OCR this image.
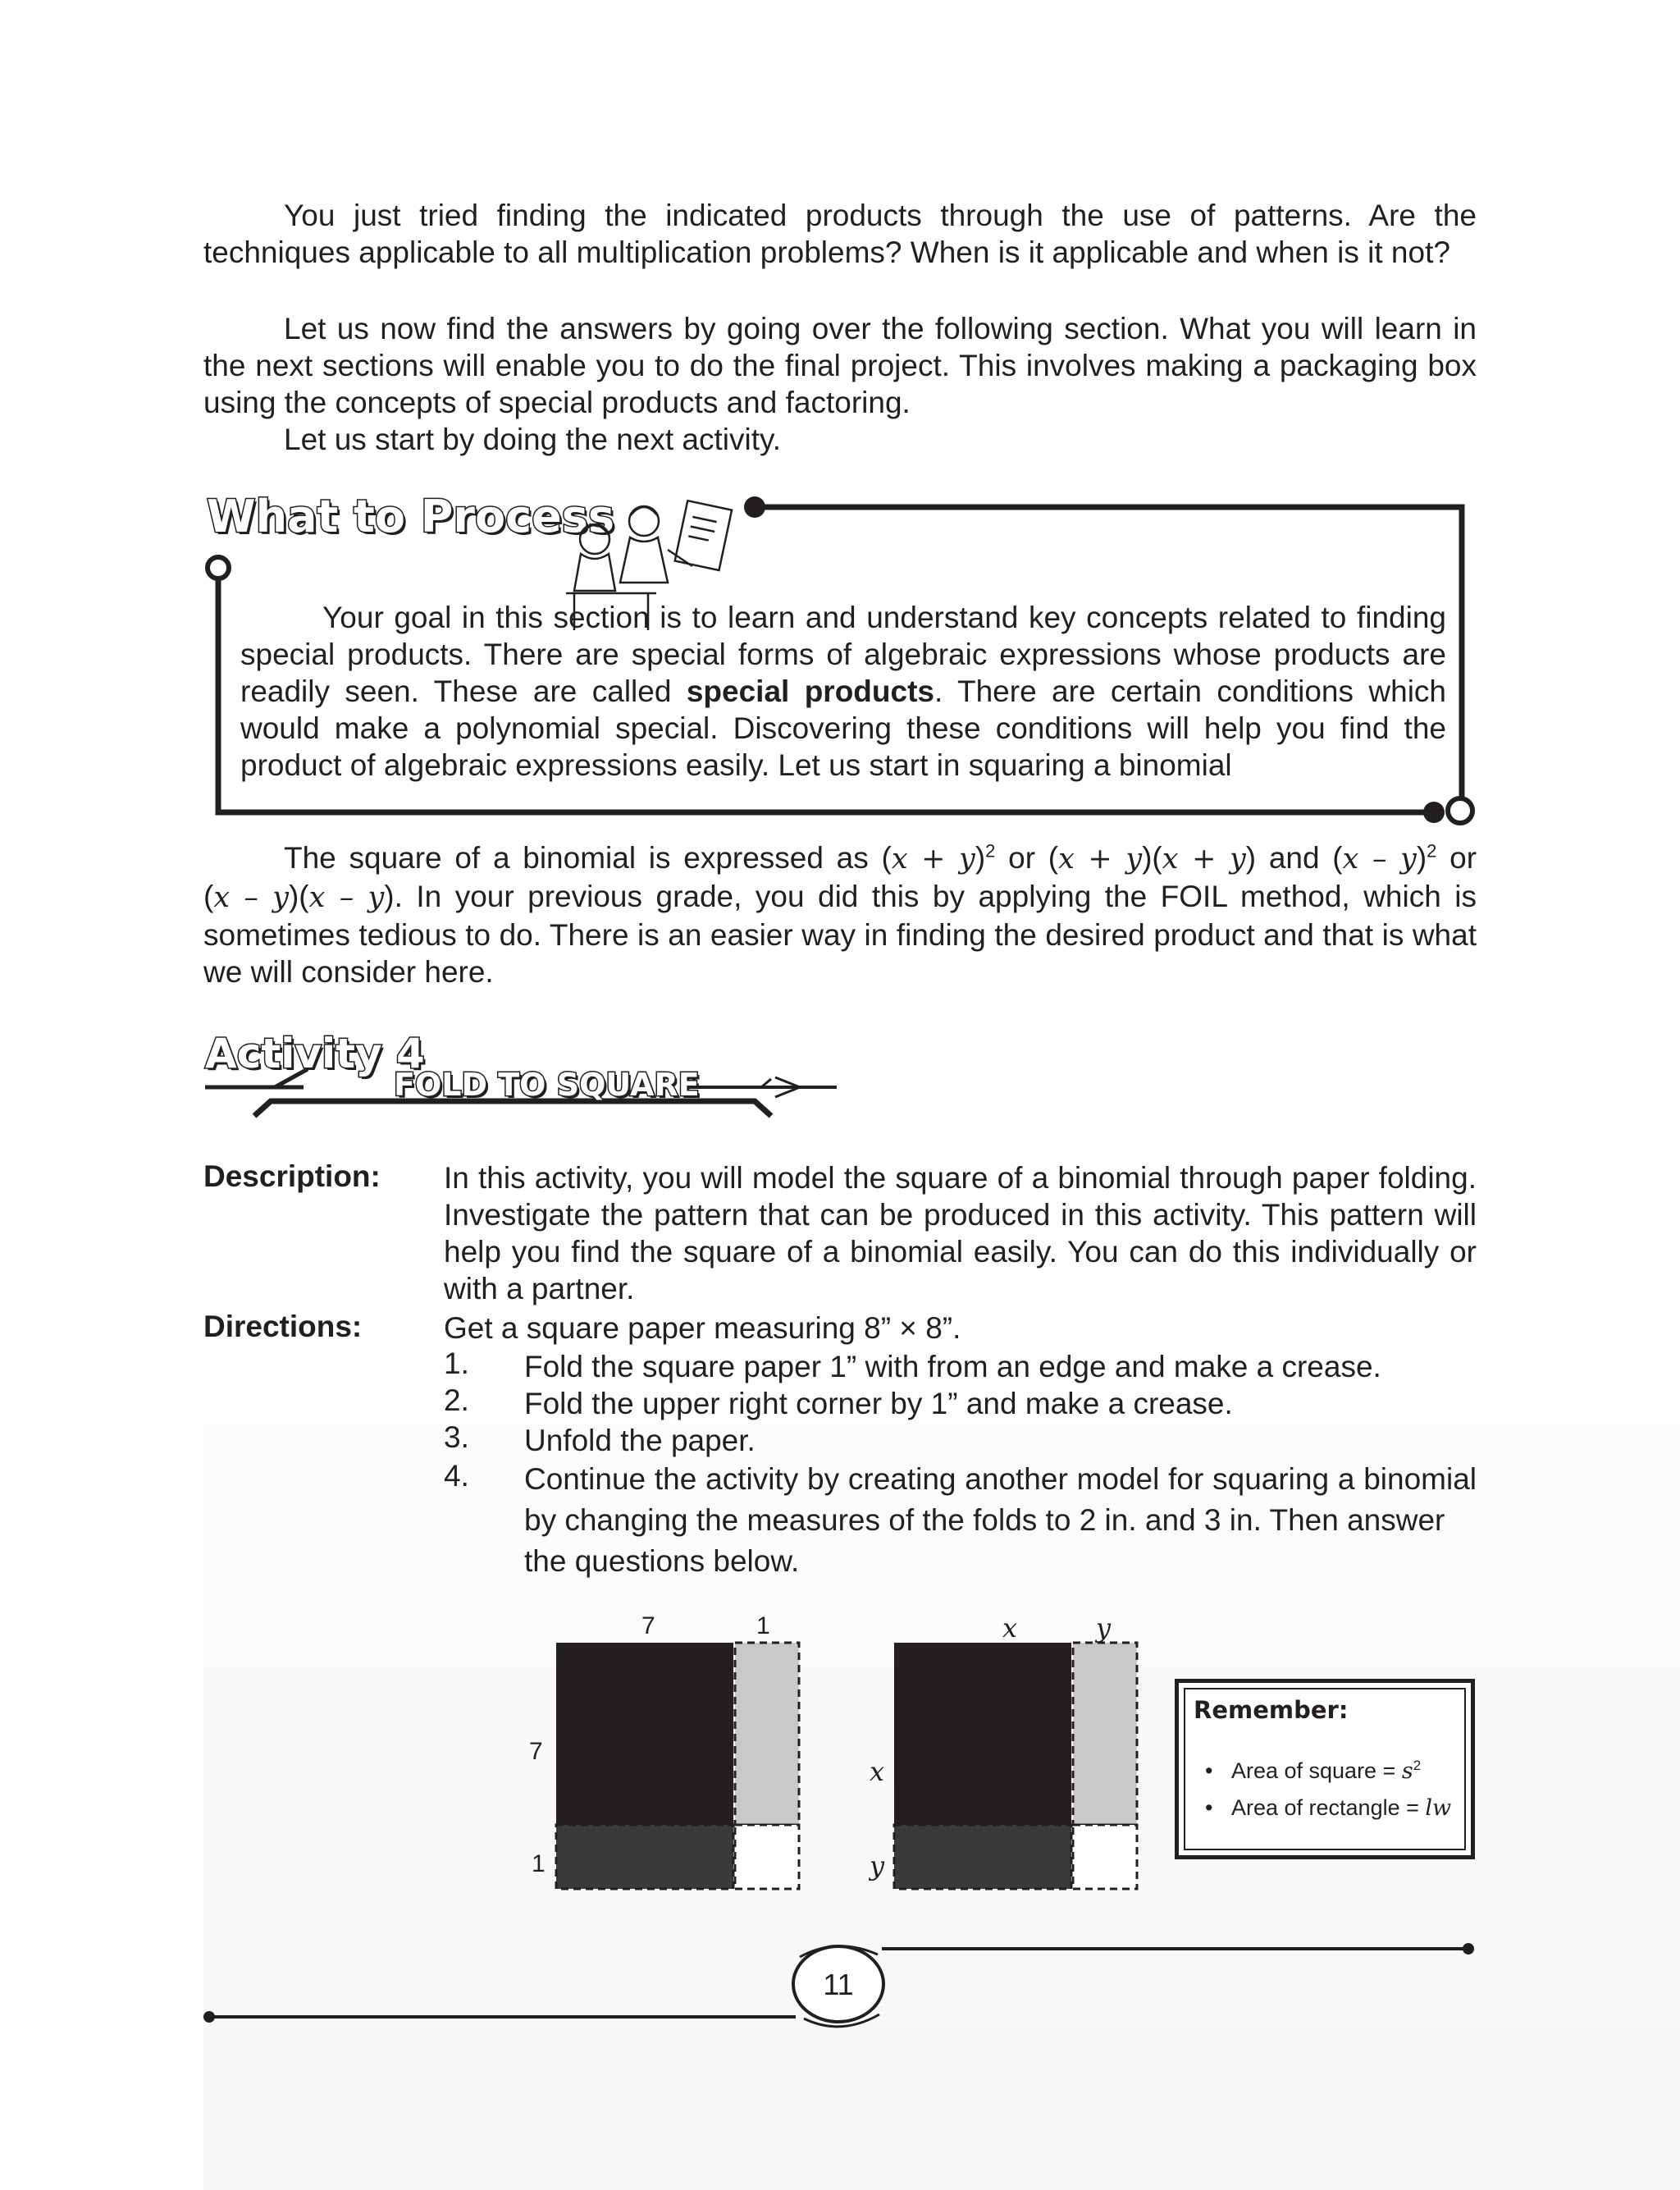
You just tried finding the indicated products through the use of patterns. Are the
techniques applicable to all multiplication problems? When is it applicable and when is it not?
Let us now find the answers by going over the following section. What you will learn in
the next sections will enable you to do the final project. This involves making a packaging box
using the concepts of special products and factoring.
Let us start by doing the next activity.
What to Process
Your goal in this section is to learn and understand key concepts related to finding
special products. There are special forms of algebraic expressions whose products are
readily seen. These are called special products. There are certain conditions which
would make a polynomial special. Discovering these conditions will help you find the
product of algebraic expressions easily. Let us start in squaring a binomial
The square of a binomial is expressed as $(x + y)^2$ or (x + y)(x + y) and (x – y)$^2$ or
(x – y)(x – y). In your previous grade, you did this by applying the FOIL method, which is
sometimes tedious to do. There is an easier way in finding the desired product and that is what
we will consider here.
Activity 4
FOLD TO SQUARE
Description: In this activity, you will model the square of a binomial through paper folding.
Investigate the pattern that can be produced in this activity. This pattern will
help you find the square of a binomial easily. You can do this individually or
with a partner.
Directions:	Get a square paper measuring 8” × 8”.
1. Fold the square paper 1” with from an edge and make a crease.
2. Fold the upper right corner by 1” and make a crease.
3. Unfold the paper.
4. Continue the activity by creating another model for squaring a binomial
by changing the measures of the folds to 2 in. and 3 in. Then answer
the questions below.
7	1
7
1
x	y
x
y
Remember:
•   Area of square = $s^2$
•   Area of rectangle = lw
11
